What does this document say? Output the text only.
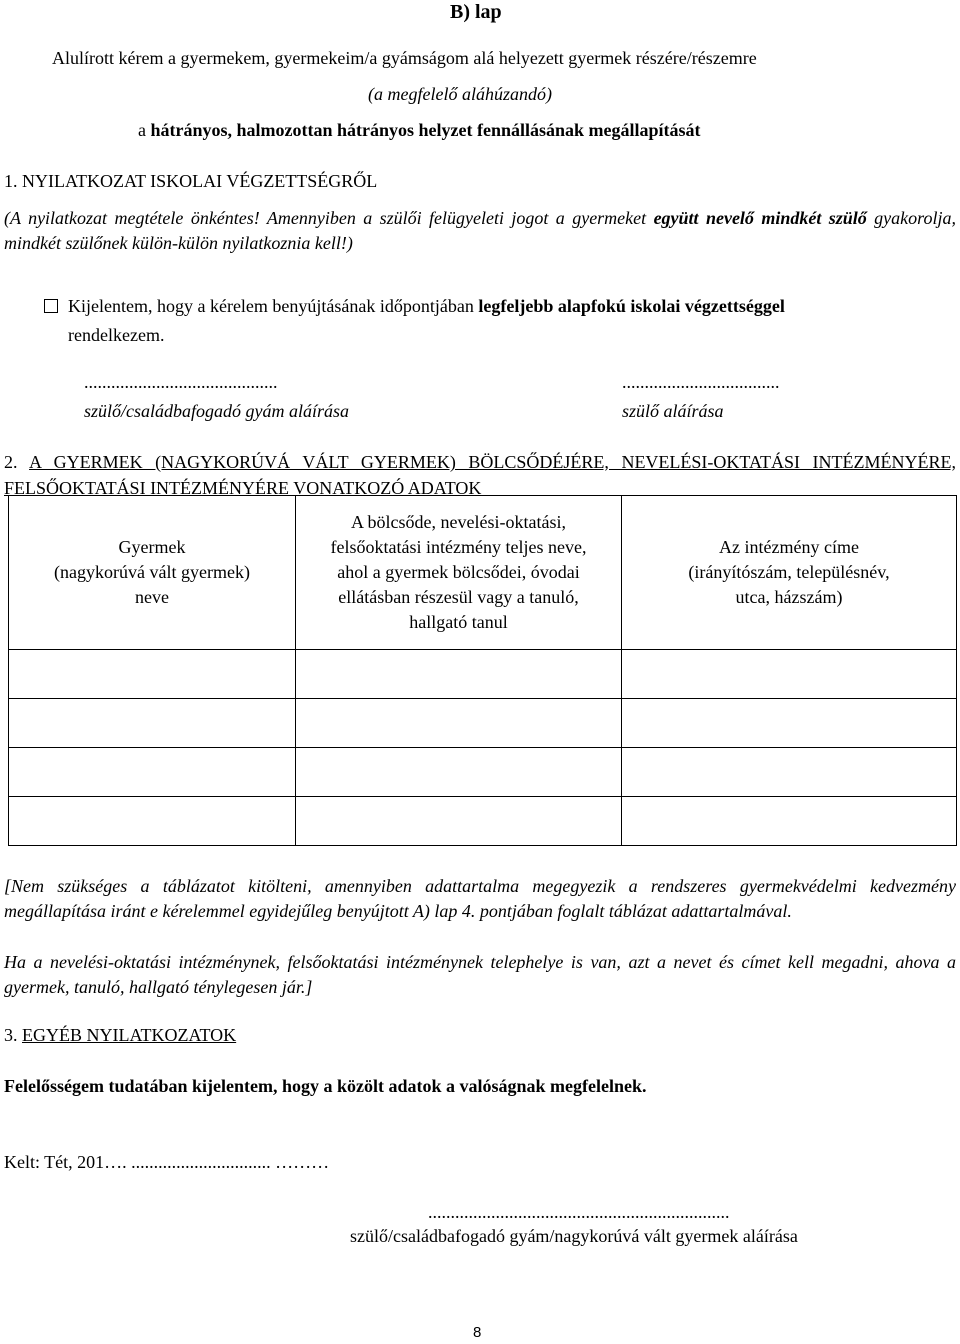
B) lap
Alulírott kérem a gyermekem, gyermekeim/a gyámságom alá helyezett gyermek részére/részemre
(a megfelelő aláhúzandó)
a hátrányos, halmozottan hátrányos helyzet fennállásának megállapítását
1. NYILATKOZAT ISKOLAI VÉGZETTSÉGRŐL
(A nyilatkozat megtétele önkéntes! Amennyiben a szülői felügyeleti jogot a gyermeket együtt nevelő mindkét szülő gyakorolja, mindkét szülőnek külön-külön nyilatkoznia kell!)
Kijelentem, hogy a kérelem benyújtásának időpontjában legfeljebb alapfokú iskolai végzettséggel
rendelkezem.
...........................................
szülő/családbafogadó gyám aláírása
...................................
szülő aláírása
2. A GYERMEK (NAGYKORÚVÁ VÁLT GYERMEK) BÖLCSŐDÉJÉRE, NEVELÉSI-OKTATÁSI INTÉZMÉNYÉRE, FELSŐOKTATÁSI INTÉZMÉNYÉRE VONATKOZÓ ADATOK
Gyermek
(nagykorúvá vált gyermek)
neve	A bölcsőde, nevelési-oktatási,
felsőoktatási intézmény teljes neve,
ahol a gyermek bölcsődei, óvodai
ellátásban részesül vagy a tanuló,
hallgató tanul	Az intézmény címe
(irányítószám, településnév,
utca, házszám)

[Nem szükséges a táblázatot kitölteni, amennyiben adattartalma megegyezik a rendszeres gyermekvédelmi kedvezmény megállapítása iránt e kérelemmel egyidejűleg benyújtott A) lap 4. pontjában foglalt táblázat adattartalmával.
Ha a nevelési-oktatási intézménynek, felsőoktatási intézménynek telephelye is van, azt a nevet és címet kell megadni, ahova a gyermek, tanuló, hallgató ténylegesen jár.]
3. EGYÉB NYILATKOZATOK
Felelősségem tudatában kijelentem, hogy a közölt adatok a valóságnak megfelelnek.
Kelt: Tét, 201…. ............................... ………
...................................................................
szülő/családbafogadó gyám/nagykorúvá vált gyermek aláírása
8
